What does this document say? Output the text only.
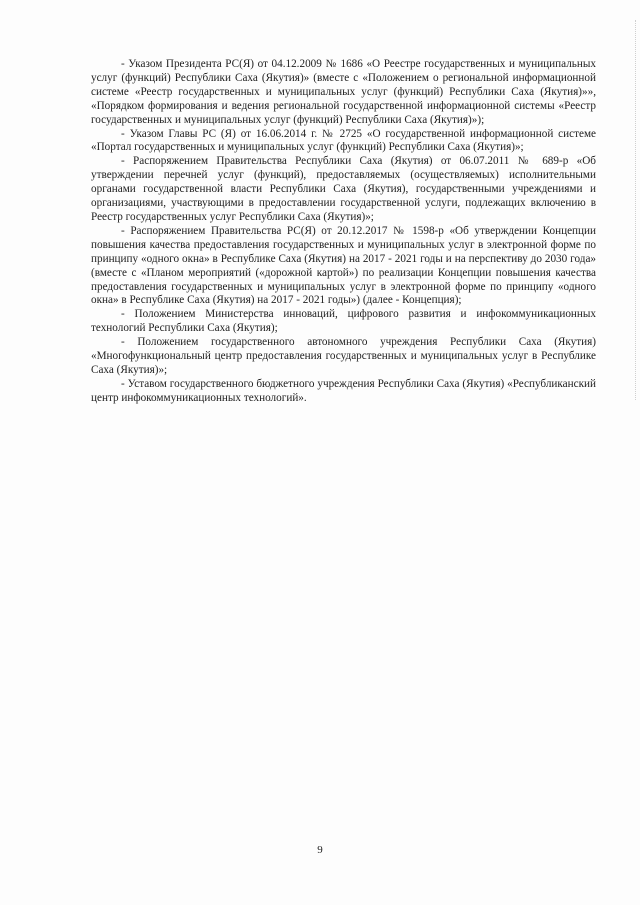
- Указом Президента РС(Я) от 04.12.2009 № 1686 «О Реестре государственных и муниципальных услуг (функций) Республики Саха (Якутия)» (вместе с «Положением о региональной информационной системе «Реестр государственных и муниципальных услуг (функций) Республики Саха (Якутия)»», «Порядком формирования и ведения региональной государственной информационной системы «Реестр государственных и муниципальных услуг (функций) Республики Саха (Якутия)»);

- Указом Главы РС (Я) от 16.06.2014 г. № 2725 «О государственной информационной системе «Портал государственных и муниципальных услуг (функций) Республики Саха (Якутия)»;

- Распоряжением Правительства Республики Саха (Якутия) от 06.07.2011 № 689-р «Об утверждении перечней услуг (функций), предоставляемых (осуществляемых) исполнительными органами государственной власти Республики Саха (Якутия), государственными учреждениями и организациями, участвующими в предоставлении государственной услуги, подлежащих включению в Реестр государственных услуг Республики Саха (Якутия)»;

- Распоряжением Правительства РС(Я) от 20.12.2017 № 1598-р «Об утверждении Концепции повышения качества предоставления государственных и муниципальных услуг в электронной форме по принципу «одного окна» в Республике Саха (Якутия) на 2017 - 2021 годы и на перспективу до 2030 года» (вместе с «Планом мероприятий («дорожной картой») по реализации Концепции повышения качества предоставления государственных и муниципальных услуг в электронной форме по принципу «одного окна» в Республике Саха (Якутия) на 2017 - 2021 годы») (далее - Концепция);

- Положением Министерства инноваций, цифрового развития и инфокоммуникационных технологий Республики Саха (Якутия);

- Положением государственного автономного учреждения Республики Саха (Якутия) «Многофункциональный центр предоставления государственных и муниципальных услуг в Республике Саха (Якутия)»;

- Уставом государственного бюджетного учреждения Республики Саха (Якутия) «Республиканский центр инфокоммуникационных технологий».

9
